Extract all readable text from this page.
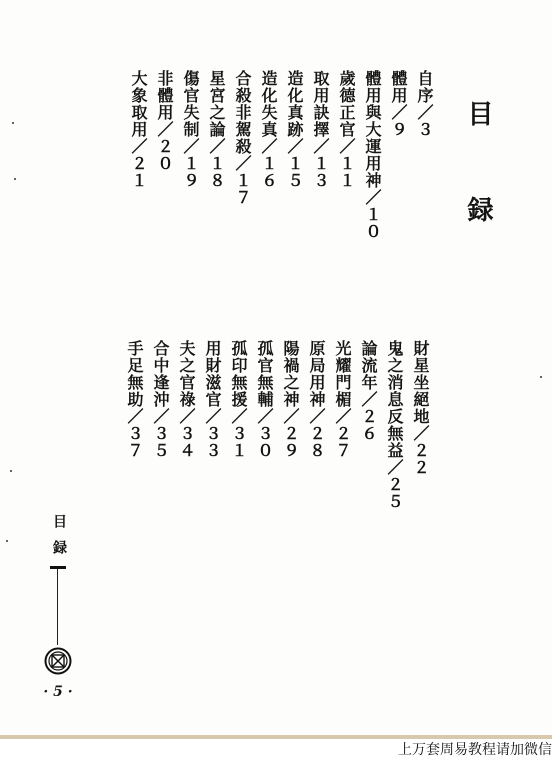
目　録
自序／３
體用／９
體用與大運用神／１０
歲德正官／１１
取用訣擇／１３
造化真跡／１５
造化失真／１６
合殺非駕殺／１７
星宮之論／１８
傷官失制／１９
非體用／２０
大象取用／２１
財星坐絕地／２２
鬼之消息反無益／２５
論流年／２６
光耀門楣／２７
原局用神／２８
陽禍之神／２９
孤官無輔／３０
孤印無援／３１
用財滋官／３３
夫之官祿／３４
合中逢沖／３５
手足無助／３７
目録
· 5 ·
上万套周易教程请加微信
